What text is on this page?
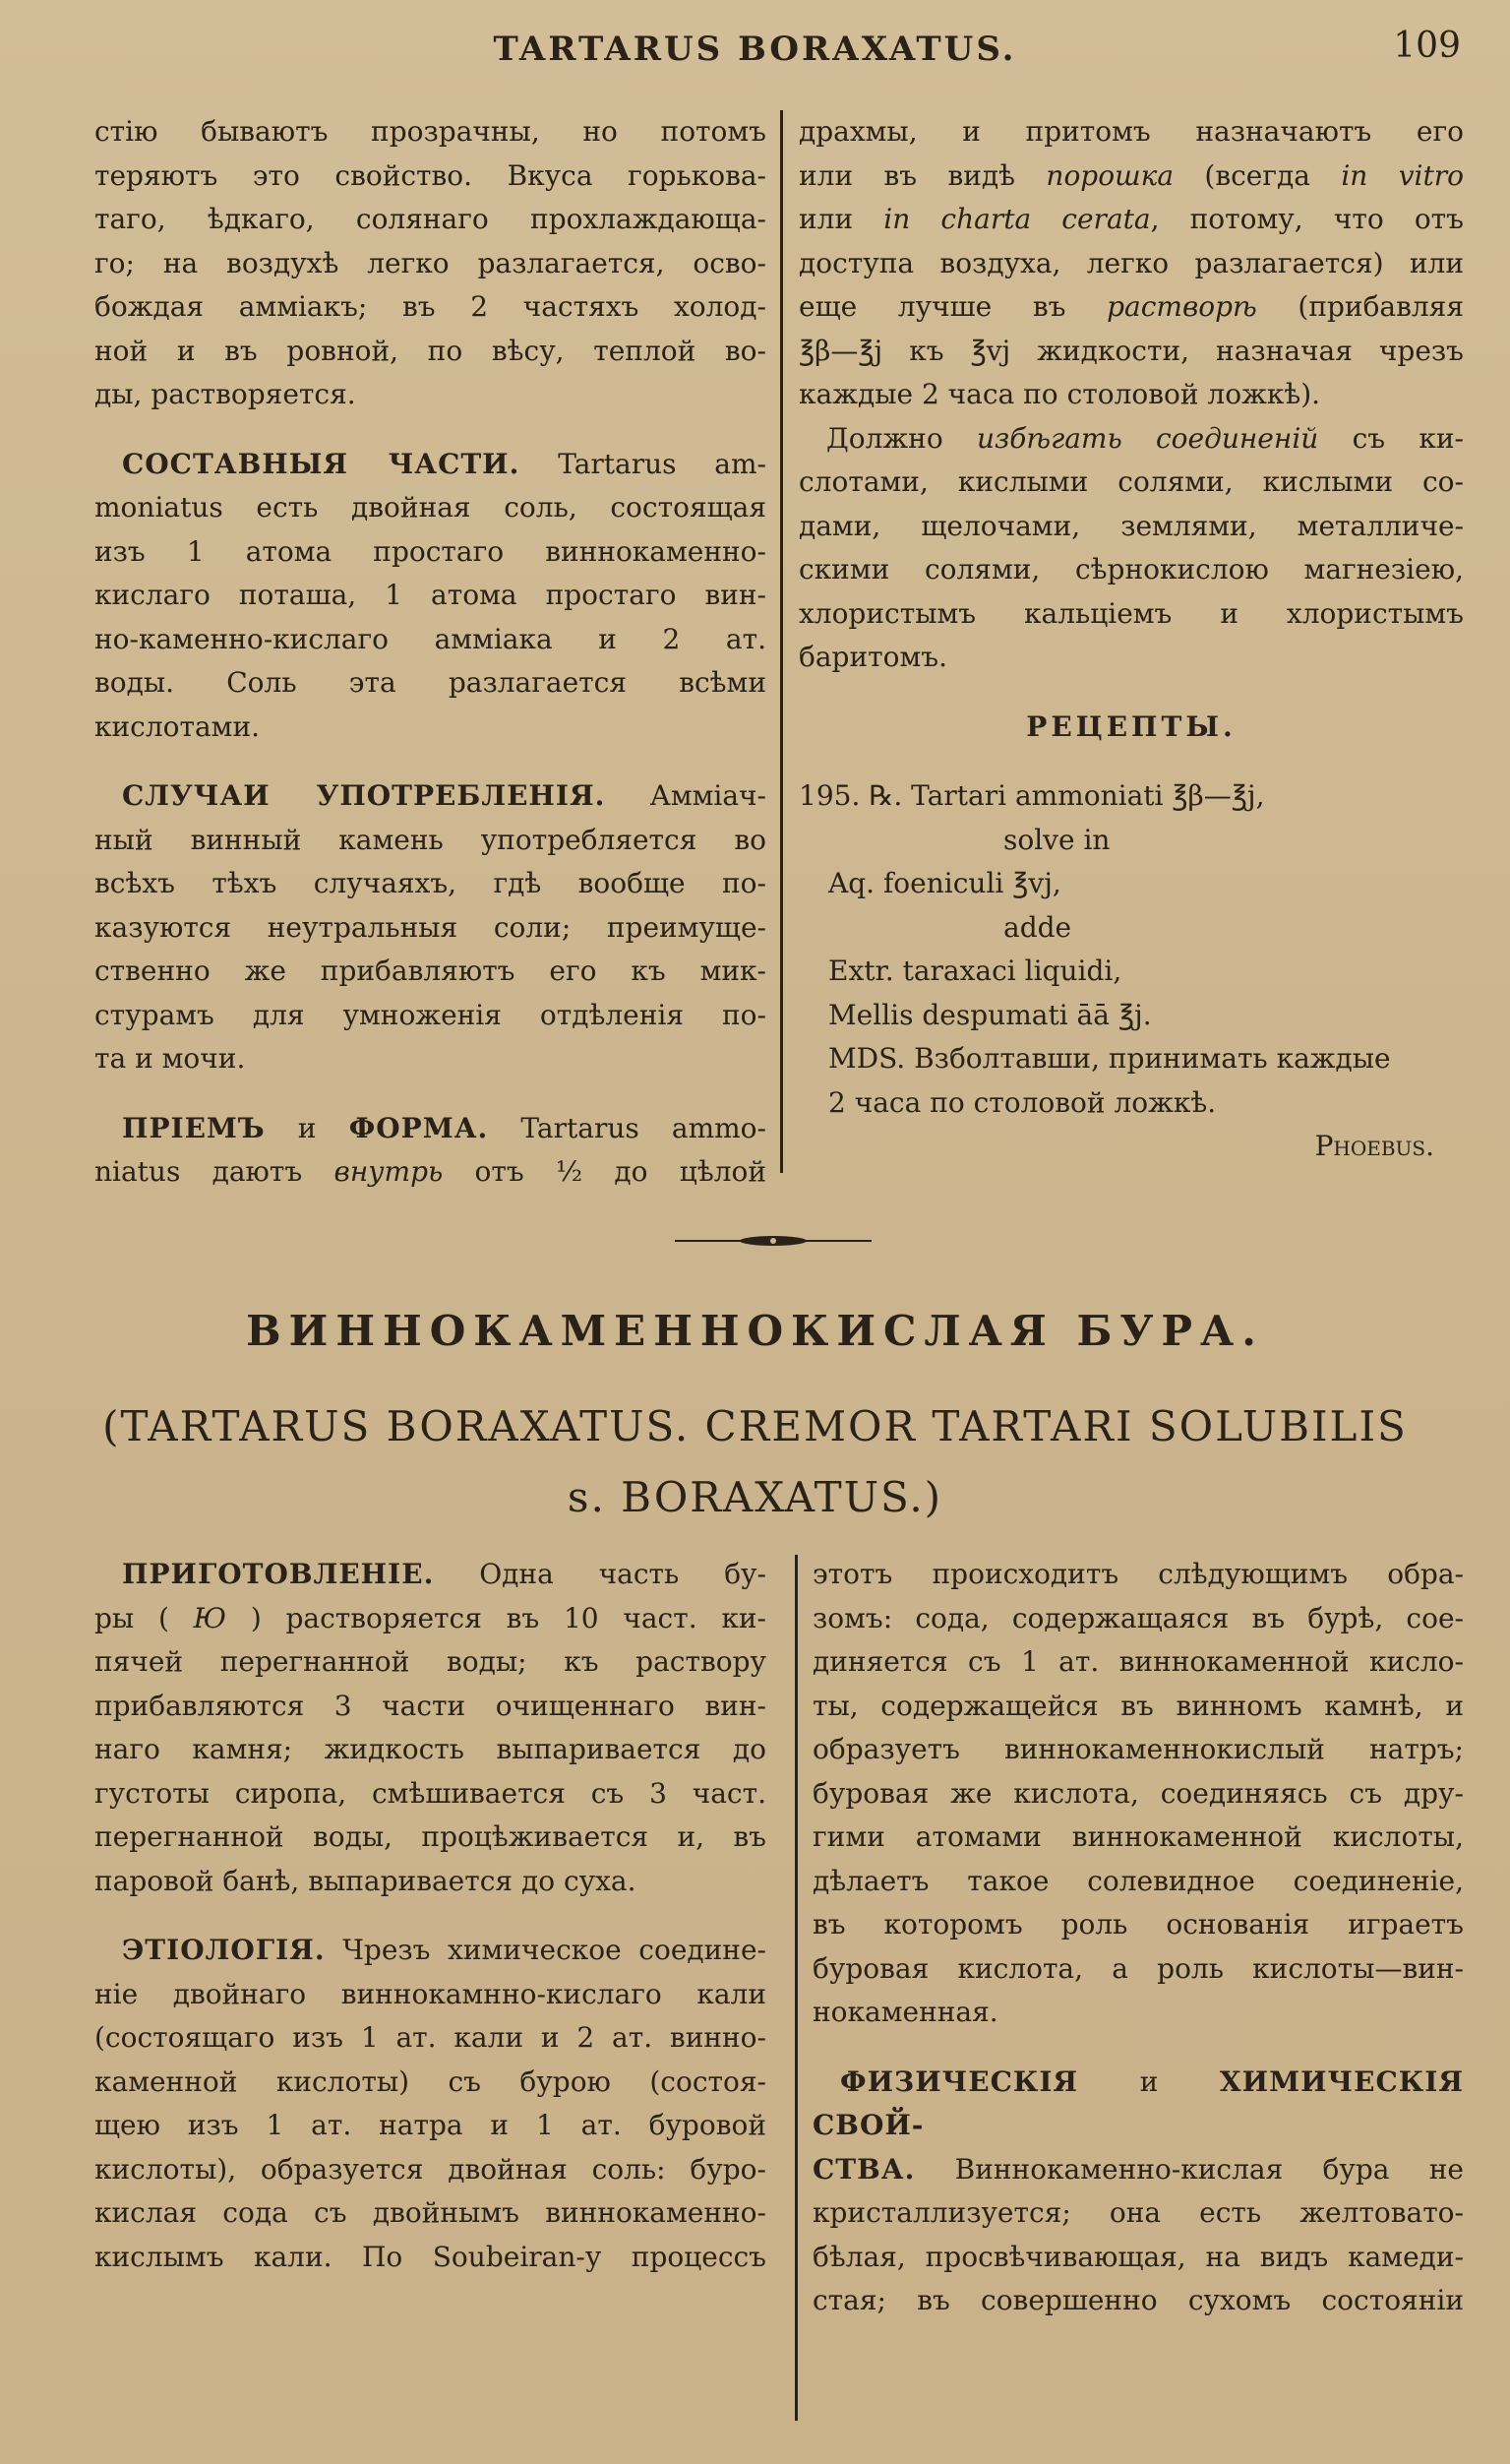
TARTARUS BORAXATUS.	109

стію бываютъ прозрачны, но потомъ

теряютъ это свойство. Вкуса горьковa-

таго, ѣдкаго, солянаго прохлаждающа-

го; на воздухѣ легко разлагается, осво-

бождая амміакъ; въ 2 частяхъ холод-

ной и въ ровной, по вѣсу, теплой во-

ды, растворяется.

 СОСТАВНЫЯ ЧАСТИ. Tartarus am-

moniatus есть двойная соль, состоящая

изъ 1 атома простаго виннокаменно-

кислаго поташа, 1 атома простаго вин-

но-каменно-кислаго амміака и 2 ат.

воды. Соль эта разлагается всѣми

кислотами.

 СЛУЧАИ УПОТРЕБЛЕНІЯ. Амміач-

ный винный камень употребляется во

всѣхъ тѣхъ случаяхъ, гдѣ вообще по-

казуются неутральныя соли; преимуще-

ственно же прибавляютъ его къ мик-

стурамъ для умноженія отдѣленія по-

та и мочи.

 ПРІЕМЪ и ФОРМА. Tartarus ammo-

niatus даютъ внутрь отъ ½ до цѣлой

драхмы, и притомъ назначаютъ его

или въ видѣ порошка (всегда in vitro

или in charta cerata, потому, что отъ

доступа воздуха, легко разлагается) или

еще лучше въ растворѣ (прибавляя

℥β—℥j къ ℥vj жидкости, назначая чрезъ

каждые 2 часа по столовой ложкѣ).

 Должно избѣгать соединеній съ ки-

слотами, кислыми солями, кислыми со-

дами, щелочами, землями, металличе-

скими солями, сѣрнокислою магнезіею,

хлористымъ кальціемъ и хлористымъ

баритомъ.

РЕЦЕПТЫ.

195. ℞. Tartari ammoniati ℥β—℥j,

solve in

Aq. foeniculi ℥vj,

adde

Extr. taraxaci liquidi,

Mellis despumati āā ℥j.

MDS. Взболтавши, принимать каждые

2 часа по столовой ложкѣ.

Phoebus.

ВИННОКАМЕННОКИСЛАЯ БУРА.
(TARTARUS BORAXATUS. CREMOR TARTARI SOLUBILIS
s. BORAXATUS.)

 ПРИГОТОВЛЕНІЕ. Одна часть бу-

ры ( Ю ) растворяется въ 10 част. ки-

пячей перегнанной воды; къ раствору

прибавляются 3 части очищеннаго вин-

наго камня; жидкость выпаривается до

густоты сиропа, смѣшивается съ 3 част.

перегнанной воды, процѣживается и, въ

паровой банѣ, выпаривается до суха.

 ЭТІОЛОГІЯ. Чрезъ химическое соедине-

ніе двойнаго виннокамнно-кислаго кали

(состоящаго изъ 1 ат. кали и 2 ат. винно-

каменной кислоты) съ бурою (состоя-

щею изъ 1 ат. натра и 1 ат. буровой

кислоты), образуется двойная соль: буро-

кислая сода съ двойнымъ виннокаменно-

кислымъ кали. По Soubeiran-у процессъ

этотъ происходитъ слѣдующимъ обра-

зомъ: сода, содержащаяся въ бурѣ, сое-

диняется съ 1 ат. виннокаменной кисло-

ты, содержащейся въ винномъ камнѣ, и

образуетъ виннокаменнокислый натръ;

буровая же кислота, соединяясь съ дру-

гими атомами виннокаменной кислоты,

дѣлаетъ такое солевидное соединеніе,

въ которомъ роль основанія играетъ

буровая кислота, а роль кислоты—вин-

нокаменная.

 ФИЗИЧЕСКІЯ и ХИМИЧЕСКІЯ СВОЙ-

СТВА. Виннокаменно-кислая бура не

кристаллизуется; она есть желтовато-

бѣлая, просвѣчивающая, на видъ камеди-

стая; въ совершенно сухомъ состояніи
